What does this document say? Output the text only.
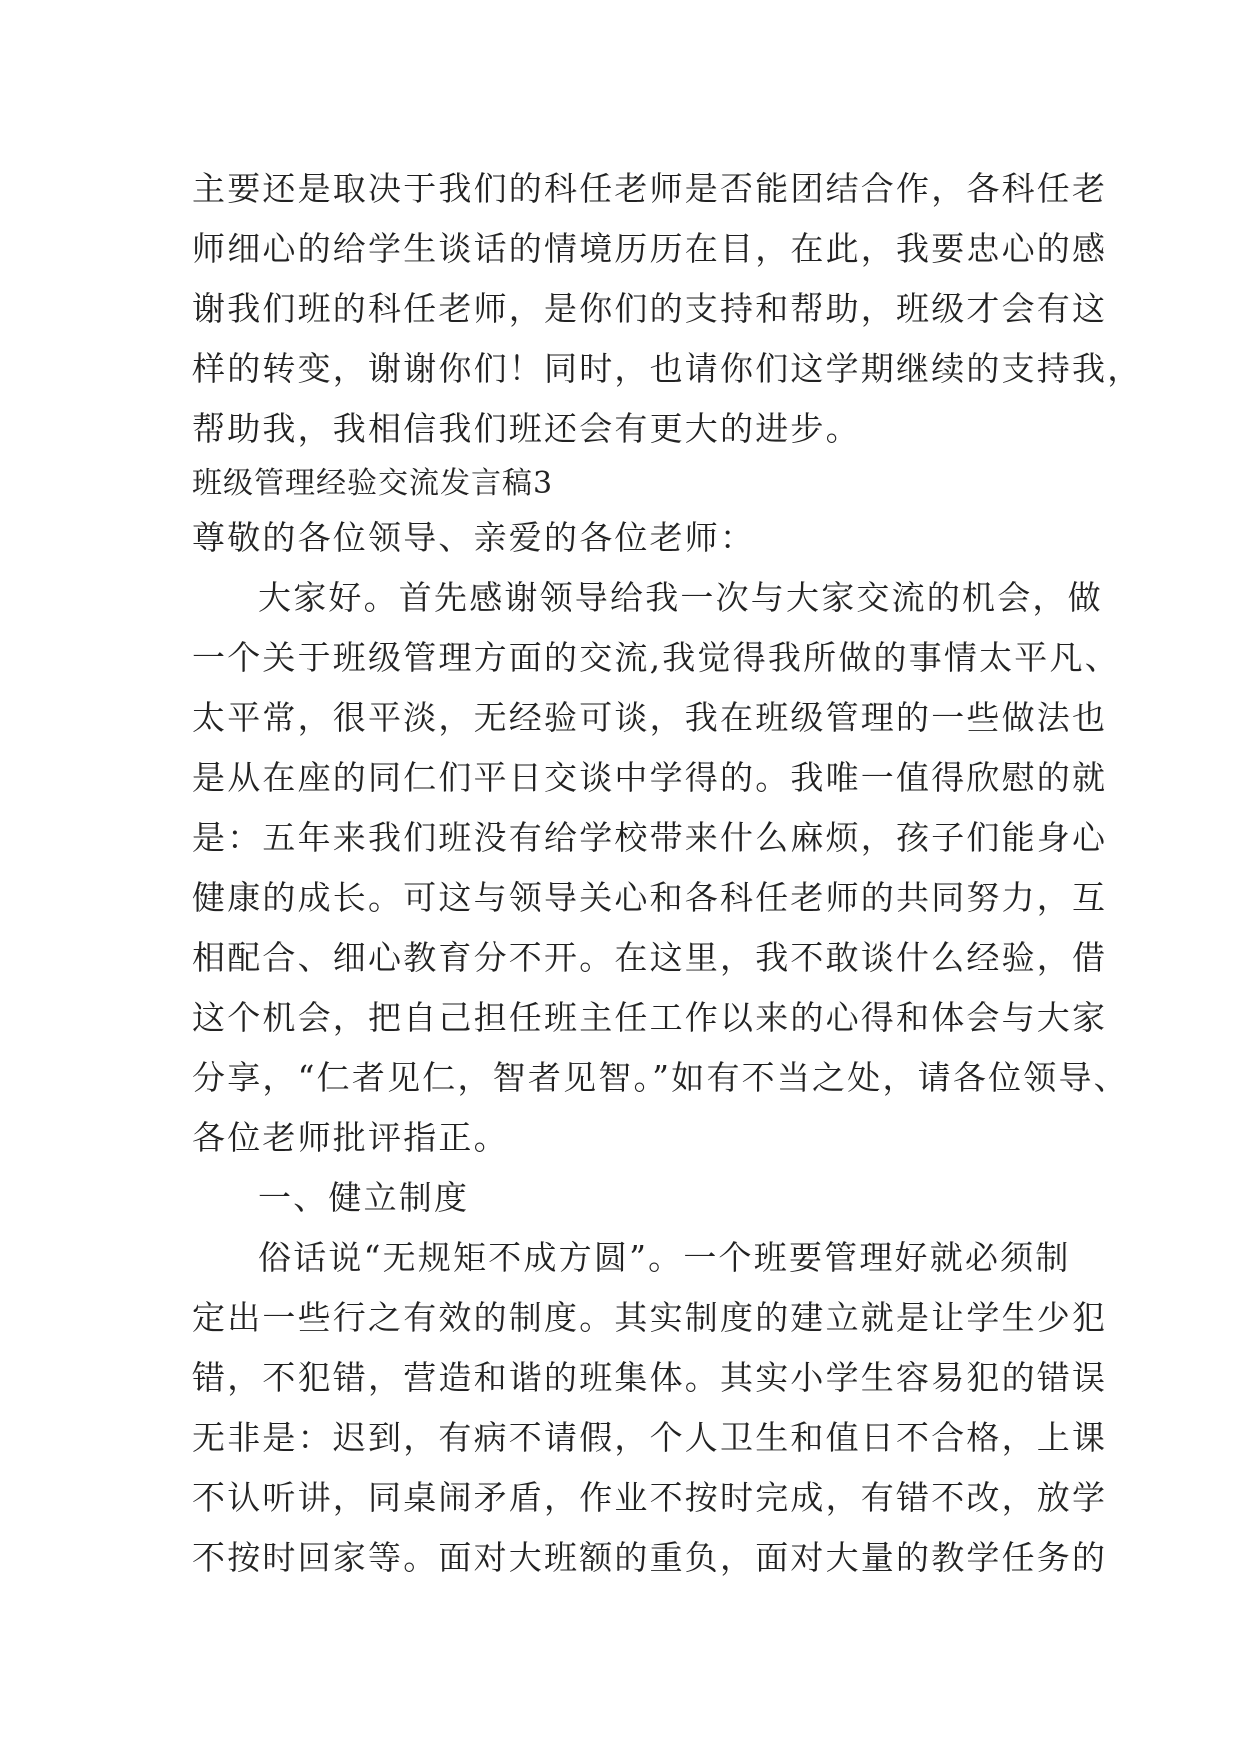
主要还是取决于我们的科任老师是否能团结合作，各科任老
师细心的给学生谈话的情境历历在目，在此，我要忠心的感
谢我们班的科任老师，是你们的支持和帮助，班级才会有这
样的转变，谢谢你们！同时，也请你们这学期继续的支持我，
帮助我，我相信我们班还会有更大的进步。
班级管理经验交流发言稿3
尊敬的各位领导、亲爱的各位老师：
大家好。首先感谢领导给我一次与大家交流的机会，做
一个关于班级管理方面的交流,我觉得我所做的事情太平凡、
太平常，很平淡，无经验可谈，我在班级管理的一些做法也
是从在座的同仁们平日交谈中学得的。我唯一值得欣慰的就
是：五年来我们班没有给学校带来什么麻烦，孩子们能身心
健康的成长。可这与领导关心和各科任老师的共同努力，互
相配合、细心教育分不开。在这里，我不敢谈什么经验，借
这个机会，把自己担任班主任工作以来的心得和体会与大家
分享，“仁者见仁，智者见智。”如有不当之处，请各位领导、
各位老师批评指正。
一、健立制度
俗话说“无规矩不成方圆”。一个班要管理好就必须制
定出一些行之有效的制度。其实制度的建立就是让学生少犯
错，不犯错，营造和谐的班集体。其实小学生容易犯的错误
无非是：迟到，有病不请假，个人卫生和值日不合格，上课
不认听讲，同桌闹矛盾，作业不按时完成，有错不改，放学
不按时回家等。面对大班额的重负，面对大量的教学任务的
